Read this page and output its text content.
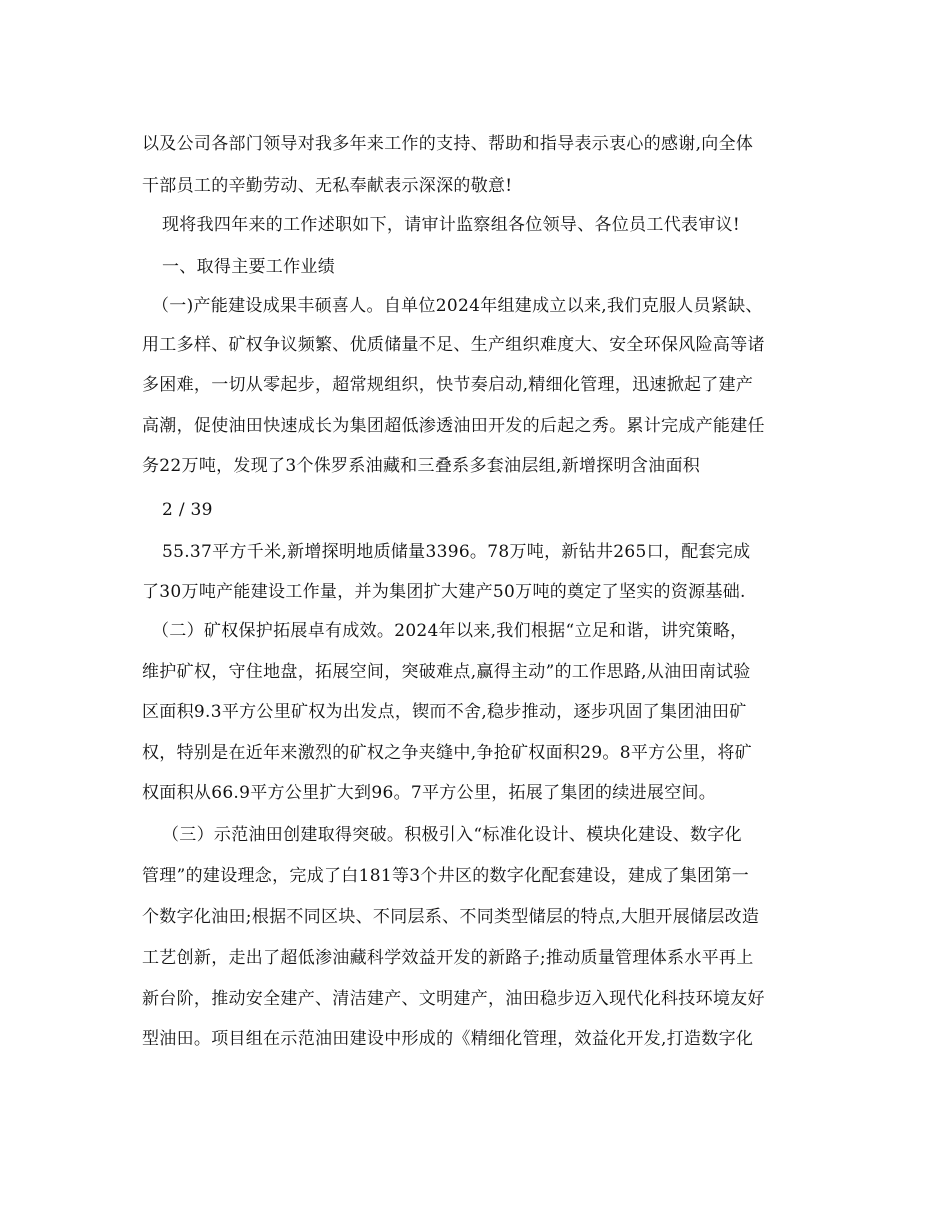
以及公司各部门领导对我多年来工作的支持、帮助和指导表示衷心的感谢,向全体
干部员工的辛勤劳动、无私奉献表示深深的敬意!
现将我四年来的工作述职如下，请审计监察组各位领导、各位员工代表审议!
一、取得主要工作业绩
（一)产能建设成果丰硕喜人。自单位2024年组建成立以来,我们克服人员紧缺、
用工多样、矿权争议频繁、优质储量不足、生产组织难度大、安全环保风险高等诸
多困难，一切从零起步，超常规组织，快节奏启动,精细化管理，迅速掀起了建产
高潮，促使油田快速成长为集团超低渗透油田开发的后起之秀。累计完成产能建任
务22万吨，发现了3个侏罗系油藏和三叠系多套油层组,新增探明含油面积
2 / 39
55.37平方千米,新增探明地质储量3396。78万吨，新钻井265口，配套完成
了30万吨产能建设工作量，并为集团扩大建产50万吨的奠定了坚实的资源基础.
（二）矿权保护拓展卓有成效。2024年以来,我们根据“立足和谐，讲究策略，
维护矿权，守住地盘，拓展空间，突破难点,赢得主动”的工作思路,从油田南试验
区面积9.3平方公里矿权为出发点，锲而不舍,稳步推动，逐步巩固了集团油田矿
权，特别是在近年来激烈的矿权之争夹缝中,争抢矿权面积29。8平方公里，将矿
权面积从66.9平方公里扩大到96。7平方公里，拓展了集团的续进展空间。
（三）示范油田创建取得突破。积极引入“标准化设计、模块化建设、数字化
管理”的建设理念，完成了白181等3个井区的数字化配套建设，建成了集团第一
个数字化油田;根据不同区块、不同层系、不同类型储层的特点,大胆开展储层改造
工艺创新，走出了超低渗油藏科学效益开发的新路子;推动质量管理体系水平再上
新台阶，推动安全建产、清洁建产、文明建产，油田稳步迈入现代化科技环境友好
型油田。项目组在示范油田建设中形成的《精细化管理，效益化开发,打造数字化
